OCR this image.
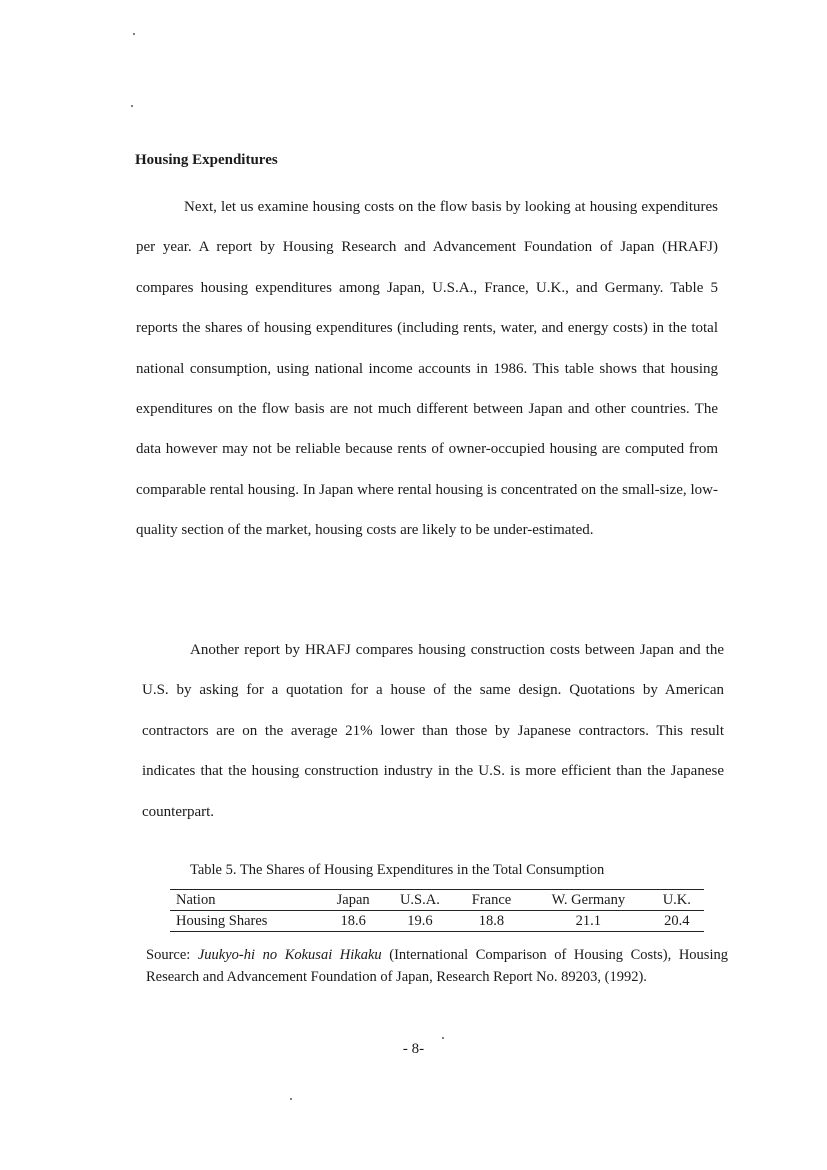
Housing Expenditures

Next, let us examine housing costs on the flow basis by looking at housing expenditures per year. A report by Housing Research and Advancement Foundation of Japan (HRAFJ) compares housing expenditures among Japan, U.S.A., France, U.K., and Germany. Table 5 reports the shares of housing expenditures (including rents, water, and energy costs) in the total national consumption, using national income accounts in 1986. This table shows that housing expenditures on the flow basis are not much different between Japan and other countries. The data however may not be reliable because rents of owner-occupied housing are computed from comparable rental housing. In Japan where rental housing is concentrated on the small-size, low-quality section of the market, housing costs are likely to be under-estimated.

Another report by HRAFJ compares housing construction costs between Japan and the U.S. by asking for a quotation for a house of the same design. Quotations by American contractors are on the average 21% lower than those by Japanese contractors. This result indicates that the housing construction industry in the U.S. is more efficient than the Japanese counterpart.

Table 5. The Shares of Housing Expenditures in the Total Consumption
Nation	Japan	U.S.A.	France	W. Germany	U.K.
Housing Shares	18.6	19.6	18.8	21.1	20.4

Source: Juukyo-hi no Kokusai Hikaku (International Comparison of Housing Costs), Housing Research and Advancement Foundation of Japan, Research Report No. 89203, (1992).

- 8-
